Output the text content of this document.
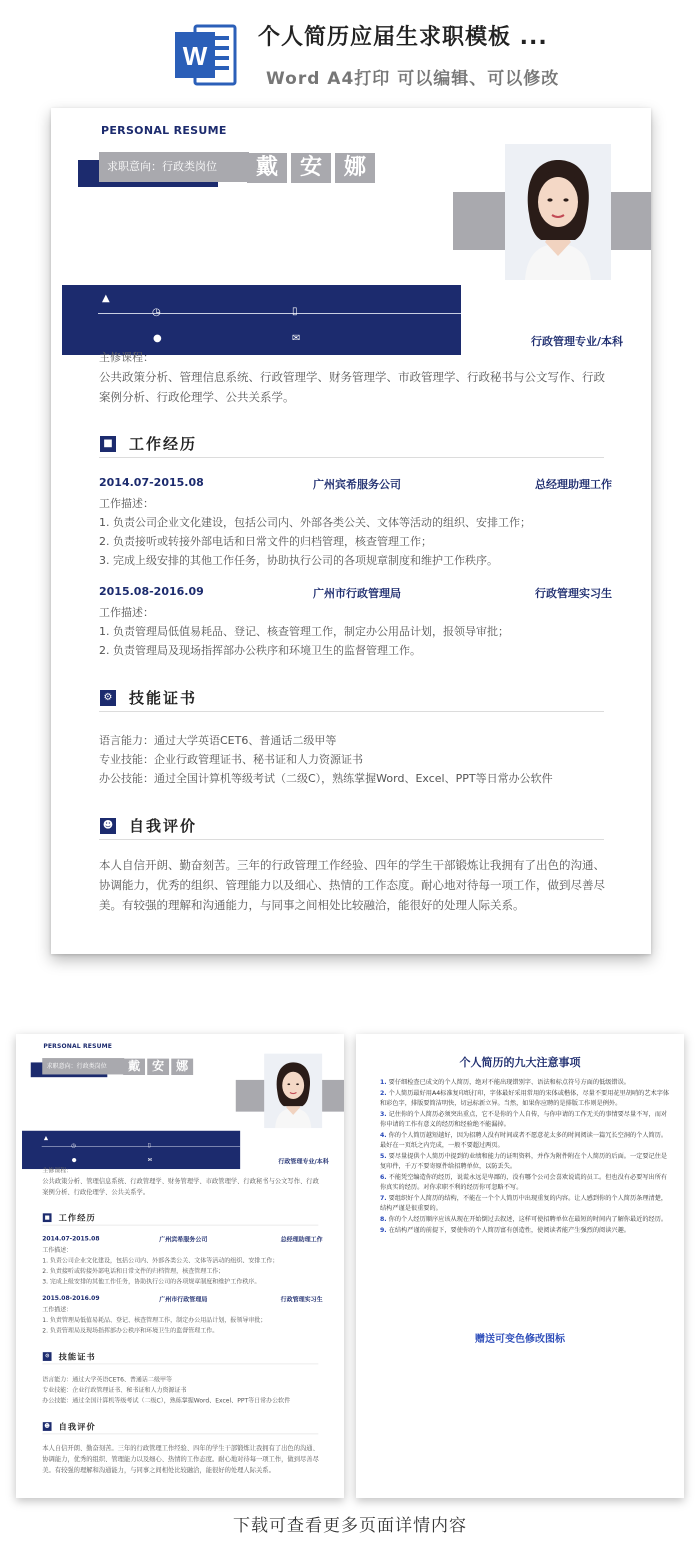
W
个人简历应届生求职模板 ...
Word A4打印 可以编辑、可以修改
PERSONAL RESUME
求职意向：行政类岗位	戴 安 娜
▲
◷	▯
●	✉	行政管理专业/本科
主修课程：
公共政策分析、管理信息系统、行政管理学、财务管理学、市政管理学、行政秘书与公文写作、行政案例分析、行政伦理学、公共关系学。
■ 工作经历
2014.07-2015.08	广州宾希服务公司	总经理助理工作
工作描述：
1. 负责公司企业文化建设，包括公司内、外部各类公关、文体等活动的组织、安排工作；
2. 负责接听或转接外部电话和日常文件的归档管理，核查管理工作；
3. 完成上级安排的其他工作任务，协助执行公司的各项规章制度和维护工作秩序。
2015.08-2016.09	广州市行政管理局	行政管理实习生
工作描述：
1. 负责管理局低值易耗品、登记、核查管理工作，制定办公用品计划，报领导审批；
2. 负责管理局及现场指挥部办公秩序和环境卫生的监督管理工作。
⚙ 技能证书
语言能力：通过大学英语CET6、普通话二级甲等
专业技能：企业行政管理证书、秘书证和人力资源证书
办公技能：通过全国计算机等级考试（二级C），熟练掌握Word、Excel、PPT等日常办公软件
☻ 自我评价
本人自信开朗、勤奋刻苦。三年的行政管理工作经验、四年的学生干部锻炼让我拥有了出色的沟通、协调能力，优秀的组织、管理能力以及细心、热情的工作态度。耐心地对待每一项工作，做到尽善尽美。有较强的理解和沟通能力，与同事之间相处比较融洽，能很好的处理人际关系。
PERSONAL RESUME
求职意向：行政类岗位 戴 安 娜
▲
◷	▯
●	✉	行政管理专业/本科
主修课程：
公共政策分析、管理信息系统、行政管理学、财务管理学、市政管理学、行政秘书与公文写作、行政案例分析、行政伦理学、公共关系学。
■ 工作经历
2014.07-2015.08	广州宾希服务公司	总经理助理工作
工作描述：
1. 负责公司企业文化建设，包括公司内、外部各类公关、文体等活动的组织、安排工作；
2. 负责接听或转接外部电话和日常文件的归档管理，核查管理工作；
3. 完成上级安排的其他工作任务，协助执行公司的各项规章制度和维护工作秩序。
2015.08-2016.09	广州市行政管理局	行政管理实习生
工作描述：
1. 负责管理局低值易耗品、登记、核查管理工作，制定办公用品计划，报领导审批；
2. 负责管理局及现场指挥部办公秩序和环境卫生的监督管理工作。
⚙ 技能证书
语言能力：通过大学英语CET6、普通话二级甲等
专业技能：企业行政管理证书、秘书证和人力资源证书
办公技能：通过全国计算机等级考试（二级C），熟练掌握Word、Excel、PPT等日常办公软件
☻ 自我评价
本人自信开朗、勤奋刻苦。三年的行政管理工作经验、四年的学生干部锻炼让我拥有了出色的沟通、协调能力，优秀的组织、管理能力以及细心、热情的工作态度。耐心地对待每一项工作，做到尽善尽美。有较强的理解和沟通能力，与同事之间相处比较融洽，能很好的处理人际关系。
个人简历的九大注意事项
1. 要仔细检查已成文的个人简历，绝对不能出现错别字、语法和标点符号方面的低级错误。
2. 个人简历最好用A4标准复印纸打印，字体最好采用常用的宋体或楷体，尽量不要用花里胡哨的艺术字体和彩色字，排版要简洁明快，切忌标新立异。当然，如果你应聘的是排版工作则是例外。
3. 记住你的个人简历必须突出重点，它不是你的个人自传，与你申请的工作无关的事情要尽量不写，而对你申请的工作有意义的经历和经验绝不能漏掉。
4. 你的个人简历越短越好，因为招聘人没有时间或者不愿意花太多的时间阅读一篇冗长空洞的个人简历。最好在一页纸之内完成，一般不要超过两页。
5. 要尽量提供个人简历中提到的业绩和能力的证明资料，并作为附件附在个人简历的后面。一定要记住是复印件，千万不要寄原件给招聘单位，以防丢失。
6. 不能凭空编造你的经历，说谎永远是卑鄙的，没有哪个公司会喜欢说谎的员工。但也没有必要写出所有你真实的经历。对你求职不利的经历你可忽略不写。
7. 要组织好个人简历的结构，不能在一个个人简历中出现重复的内容。让人感到你的个人简历条理清楚，结构严谨是很重要的。
8. 你的个人经历顺序应该从现在开始倒过去叙述，这样可使招聘单位在最短的时间内了解你最近的经历。
9. 在结构严谨的前提下，要使你的个人简历富有创造性，使阅读者能产生强烈的阅读兴趣。
赠送可变色修改图标
下载可查看更多页面详情内容
